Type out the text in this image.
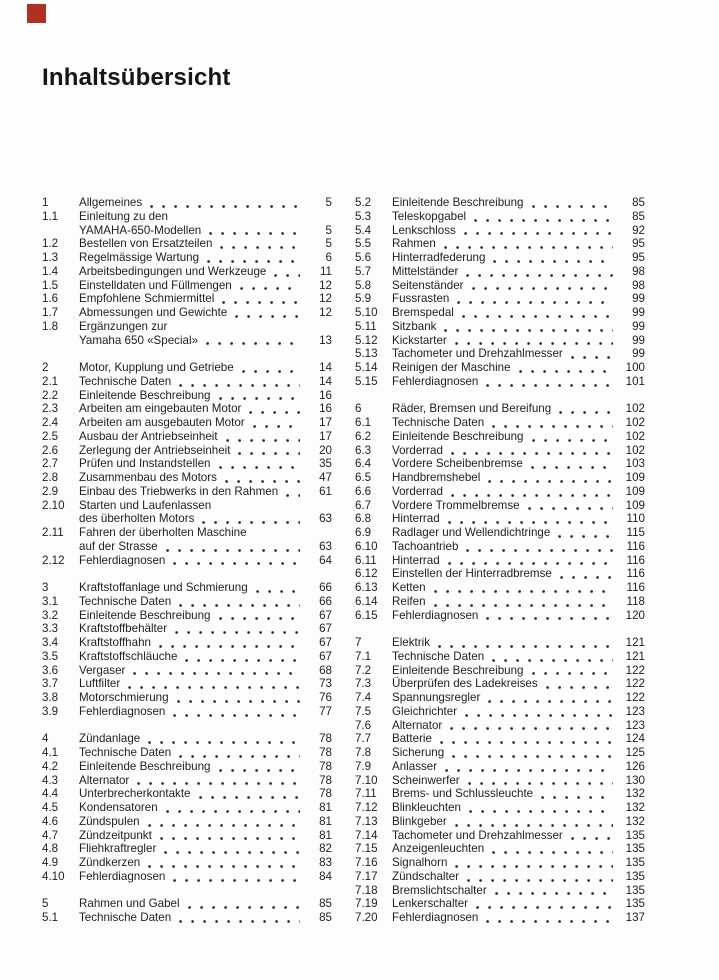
Inhaltsübersicht
1	Allgemeines	5
1.1	Einleitung zu den
YAMAHA-650-Modellen	5
1.2	Bestellen von Ersatzteilen	5
1.3	Regelmässige Wartung	6
1.4	Arbeitsbedingungen und Werkzeuge	11
1.5	Einstelldaten und Füllmengen	12
1.6	Empfohlene Schmiermittel	12
1.7	Abmessungen und Gewichte	12
1.8	Ergänzungen zur
Yamaha 650 «Special»	13
2	Motor, Kupplung und Getriebe	14
2.1	Technische Daten	14
2.2	Einleitende Beschreibung	16
2.3	Arbeiten am eingebauten Motor	16
2.4	Arbeiten am ausgebauten Motor	17
2.5	Ausbau der Antriebseinheit	17
2.6	Zerlegung der Antriebseinheit	20
2.7	Prüfen und Instandstellen	35
2.8	Zusammenbau des Motors	47
2.9	Einbau des Triebwerks in den Rahmen	61
2.10	Starten und Laufenlassen
des überholten Motors	63
2.11	Fahren der überholten Maschine
auf der Strasse	63
2.12	Fehlerdiagnosen	64
3	Kraftstoffanlage und Schmierung	66
3.1	Technische Daten	66
3.2	Einleitende Beschreibung	67
3.3	Kraftstoffbehälter	67
3.4	Kraftstoffhahn	67
3.5	Kraftstoffschläuche	67
3.6	Vergaser	68
3.7	Luftfilter	73
3.8	Motorschmierung	76
3.9	Fehlerdiagnosen	77
4	Zündanlage	78
4.1	Technische Daten	78
4.2	Einleitende Beschreibung	78
4.3	Alternator	78
4.4	Unterbrecherkontakte	78
4.5	Kondensatoren	81
4.6	Zündspulen	81
4.7	Zündzeitpunkt	81
4.8	Fliehkraftregler	82
4.9	Zündkerzen	83
4.10	Fehlerdiagnosen	84
5	Rahmen und Gabel	85
5.1	Technische Daten	85
5.2	Einleitende Beschreibung	85
5.3	Teleskopgabel	85
5.4	Lenkschloss	92
5.5	Rahmen	95
5.6	Hinterradfederung	95
5.7	Mittelständer	98
5.8	Seitenständer	98
5.9	Fussrasten	99
5.10	Bremspedal	99
5.11	Sitzbank	99
5.12	Kickstarter	99
5.13	Tachometer und Drehzahlmesser	99
5.14	Reinigen der Maschine	100
5.15	Fehlerdiagnosen	101
6	Räder, Bremsen und Bereifung	102
6.1	Technische Daten	102
6.2	Einleitende Beschreibung	102
6.3	Vorderrad	102
6.4	Vordere Scheibenbremse	103
6.5	Handbremshebel	109
6.6	Vorderrad	109
6.7	Vordere Trommelbremse	109
6.8	Hinterrad	110
6.9	Radlager und Wellendichtringe	115
6.10	Tachoantrieb	116
6.11	Hinterrad	116
6.12	Einstellen der Hinterradbremse	116
6.13	Ketten	116
6.14	Reifen	118
6.15	Fehlerdiagnosen	120
7	Elektrik	121
7.1	Technische Daten	121
7.2	Einleitende Beschreibung	122
7.3	Überprüfen des Ladekreises	122
7.4	Spannungsregler	122
7.5	Gleichrichter	123
7.6	Alternator	123
7.7	Batterie	124
7.8	Sicherung	125
7.9	Anlasser	126
7.10	Scheinwerfer	130
7.11	Brems- und Schlussleuchte	132
7.12	Blinkleuchten	132
7.13	Blinkgeber	132
7.14	Tachometer und Drehzahlmesser	135
7.15	Anzeigenleuchten	135
7.16	Signalhorn	135
7.17	Zündschalter	135
7.18	Bremslichtschalter	135
7.19	Lenkerschalter	135
7.20	Fehlerdiagnosen	137
